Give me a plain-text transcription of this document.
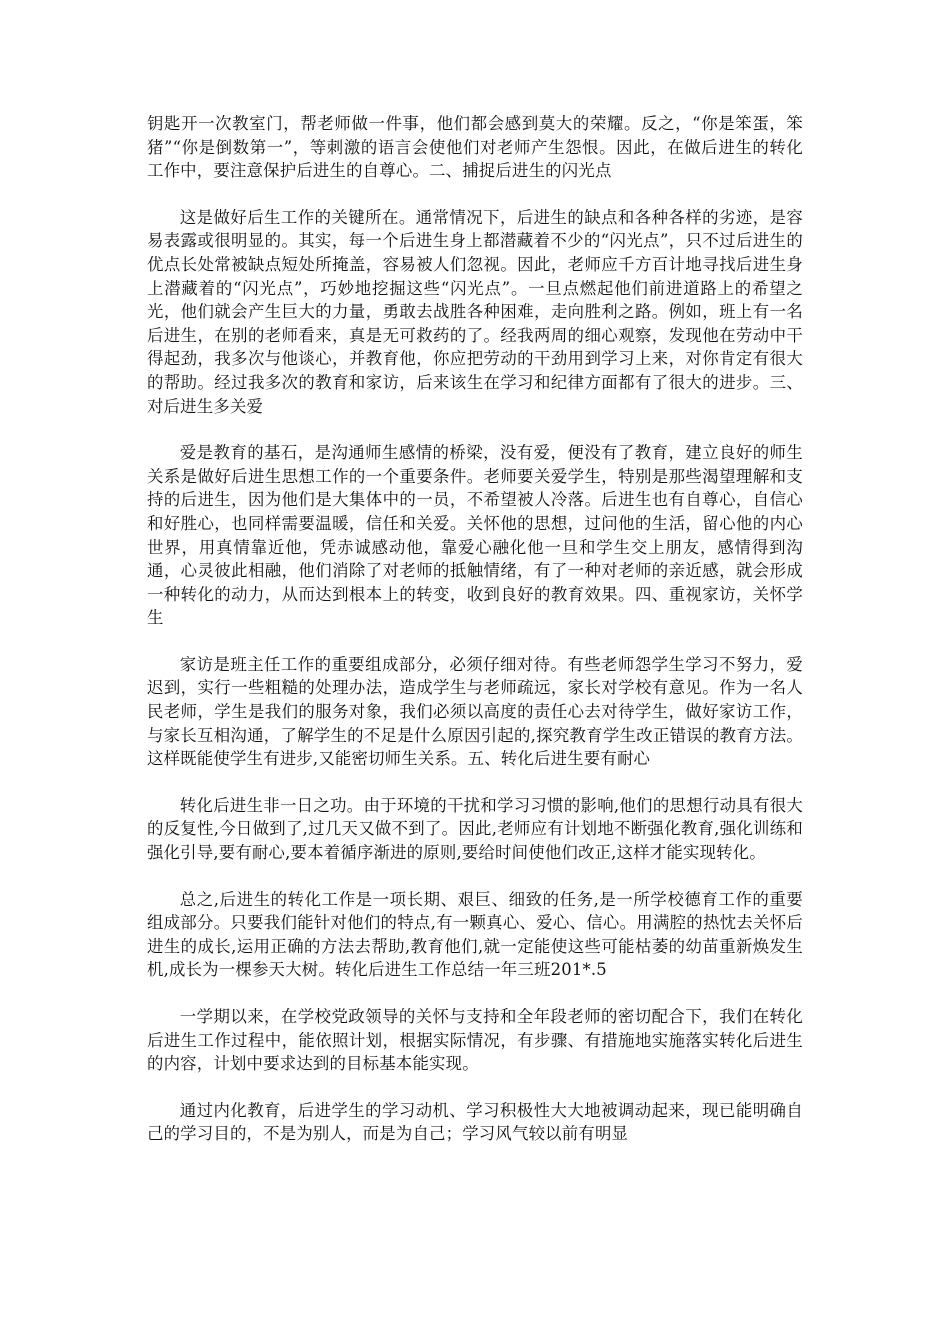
钥匙开一次教室门，帮老师做一件事，他们都会感到莫大的荣耀。反之，“你是笨蛋，笨猪”“你是倒数第一”，等刺激的语言会使他们对老师产生怨恨。因此，在做后进生的转化工作中，要注意保护后进生的自尊心。二、捕捉后进生的闪光点

这是做好后生工作的关键所在。通常情况下，后进生的缺点和各种各样的劣迹，是容易表露或很明显的。其实，每一个后进生身上都潜藏着不少的“闪光点”，只不过后进生的优点长处常被缺点短处所掩盖，容易被人们忽视。因此，老师应千方百计地寻找后进生身上潜藏着的“闪光点”，巧妙地挖掘这些“闪光点”。一旦点燃起他们前进道路上的希望之光，他们就会产生巨大的力量，勇敢去战胜各种困难，走向胜利之路。例如，班上有一名后进生，在别的老师看来，真是无可救药的了。经我两周的细心观察，发现他在劳动中干得起劲，我多次与他谈心，并教育他，你应把劳动的干劲用到学习上来，对你肯定有很大的帮助。经过我多次的教育和家访，后来该生在学习和纪律方面都有了很大的进步。三、对后进生多关爱

爱是教育的基石，是沟通师生感情的桥梁，没有爱，便没有了教育，建立良好的师生关系是做好后进生思想工作的一个重要条件。老师要关爱学生，特别是那些渴望理解和支持的后进生，因为他们是大集体中的一员，不希望被人冷落。后进生也有自尊心，自信心和好胜心，也同样需要温暖，信任和关爱。关怀他的思想，过问他的生活，留心他的内心世界，用真情靠近他，凭赤诚感动他，靠爱心融化他一旦和学生交上朋友，感情得到沟通，心灵彼此相融，他们消除了对老师的抵触情绪，有了一种对老师的亲近感，就会形成一种转化的动力，从而达到根本上的转变，收到良好的教育效果。四、重视家访，关怀学生

家访是班主任工作的重要组成部分，必须仔细对待。有些老师怨学生学习不努力，爱迟到，实行一些粗糙的处理办法，造成学生与老师疏远，家长对学校有意见。作为一名人民老师，学生是我们的服务对象，我们必须以高度的责任心去对待学生，做好家访工作，与家长互相沟通，了解学生的不足是什么原因引起的,探究教育学生改正错误的教育方法。这样既能使学生有进步,又能密切师生关系。五、转化后进生要有耐心

转化后进生非一日之功。由于环境的干扰和学习习惯的影响,他们的思想行动具有很大的反复性,今日做到了,过几天又做不到了。因此,老师应有计划地不断强化教育,强化训练和强化引导,要有耐心,要本着循序渐进的原则,要给时间使他们改正,这样才能实现转化。

总之,后进生的转化工作是一项长期、艰巨、细致的任务,是一所学校德育工作的重要组成部分。只要我们能针对他们的特点,有一颗真心、爱心、信心。用满腔的热忱去关怀后进生的成长,运用正确的方法去帮助,教育他们,就一定能使这些可能枯萎的幼苗重新焕发生机,成长为一棵参天大树。转化后进生工作总结一年三班201*.5

一学期以来，在学校党政领导的关怀与支持和全年段老师的密切配合下，我们在转化后进生工作过程中，能依照计划，根据实际情况，有步骤、有措施地实施落实转化后进生的内容，计划中要求达到的目标基本能实现。

通过内化教育，后进学生的学习动机、学习积极性大大地被调动起来，现已能明确自己的学习目的，不是为别人，而是为自己；学习风气较以前有明显
